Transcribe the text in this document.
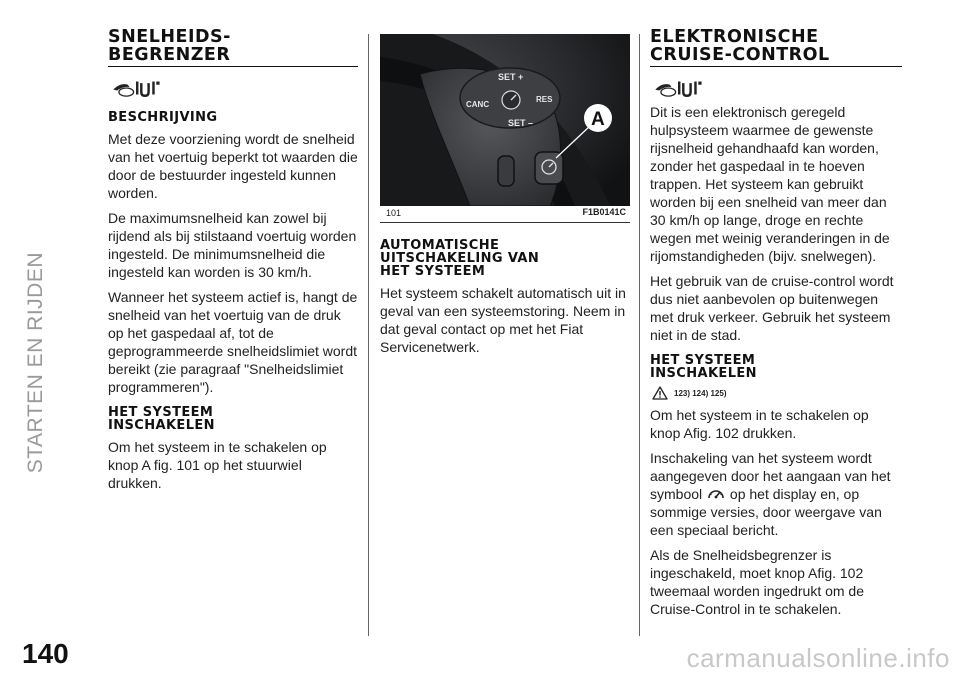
STARTEN EN RIJDEN
SNELHEIDS-
BEGRENZER
BESCHRIJVING

Met deze voorziening wordt de snelheid van het voertuig beperkt tot waarden die door de bestuurder ingesteld kunnen worden.

De maximumsnelheid kan zowel bij rijdend als bij stilstaand voertuig worden ingesteld. De minimumsnelheid die ingesteld kan worden is 30 km/h.

Wanneer het systeem actief is, hangt de snelheid van het voertuig van de druk op het gaspedaal af, tot de geprogrammeerde snelheidslimiet wordt bereikt (zie paragraaf "Snelheidslimiet programmeren").

HET SYSTEEM
INSCHAKELEN

Om het systeem in te schakelen op knop A fig. 101 op het stuurwiel drukken.

SET +
CANC
RES
SET –	A
101	F1B0141C
AUTOMATISCHE
UITSCHAKELING VAN
HET SYSTEEM

Het systeem schakelt automatisch uit in geval van een systeemstoring. Neem in dat geval contact op met het Fiat Servicenetwerk.

ELEKTRONISCHE
CRUISE-CONTROL

Dit is een elektronisch geregeld hulpsysteem waarmee de gewenste rijsnelheid gehandhaafd kan worden, zonder het gaspedaal in te hoeven trappen. Het systeem kan gebruikt worden bij een snelheid van meer dan 30 km/h op lange, droge en rechte wegen met weinig veranderingen in de rijomstandigheden (bijv. snelwegen).

Het gebruik van de cruise-control wordt dus niet aanbevolen op buitenwegen met druk verkeer. Gebruik het systeem niet in de stad.

HET SYSTEEM
INSCHAKELEN
123) 124) 125)

Om het systeem in te schakelen op knop Afig. 102 drukken.

Inschakeling van het systeem wordt aangegeven door het aangaan van het symbool op het display en, op sommige versies, door weergave van een speciaal bericht.

Als de Snelheidsbegrenzer is ingeschakeld, moet knop Afig. 102 tweemaal worden ingedrukt om de Cruise-Control in te schakelen.

140	carmanualsonline.info
